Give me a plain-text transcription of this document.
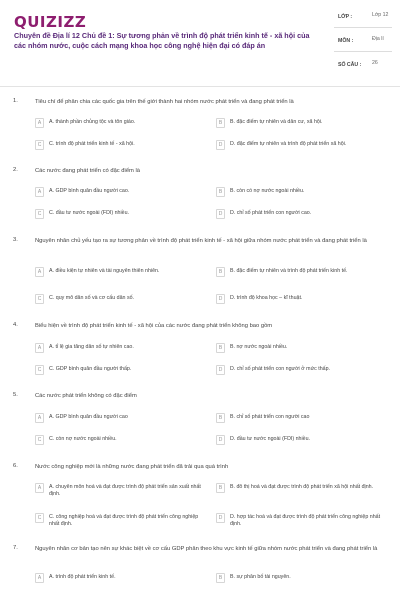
QUIZIZZ
Chuyên đề Địa lí 12 Chủ đề 1: Sự tương phản về trình độ phát triển kinh tế - xã hội của các nhóm nước, cuộc cách mạng khoa học công nghệ hiện đại có đáp án
LỚP :	Lớp 12
MÔN :	Địa lí
SỐ CÂU : 26
1.	Tiêu chí để phân chia các quốc gia trên thế giới thành hai nhóm nước phát triển và đang phát triển là
A	A. thành phần chủng tộc và tôn giáo.	B	B. đặc điểm tự nhiên và dân cư, xã hội.
C	C. trình độ phát triển kinh tế - xã hội.	D	D. đặc điểm tự nhiên và trình độ phát triển xã hội.
2.	Các nước đang phát triển có đặc điểm là
A	A. GDP bình quân đầu người cao.	B	B. còn có nợ nước ngoài nhiều.
C	C. đầu tư nước ngoài (FDI) nhiều.	D	D. chỉ số phát triển con người cao.
3.	Nguyên nhân chủ yếu tạo ra sự tương phản về trình độ phát triển kinh tế - xã hội giữa nhóm nước phát triển và đang phát triển là
A	A. điều kiện tự nhiên và tài nguyên thiên nhiên.	B	B. đặc điểm tự nhiên và trình độ phát triển kinh tế.
C	C. quy mô dân số và cơ cấu dân số.	D	D. trình độ khoa học – kĩ thuật.
4.	Biểu hiện về trình độ phát triển kinh tế - xã hội của các nước đang phát triển không bao gồm
A	A. tỉ lệ gia tăng dân số tự nhiên cao.	B	B. nợ nước ngoài nhiều.
C	C. GDP bình quân đầu người thấp.	D	D. chỉ số phát triển con người ở mức thấp.
5.	Các nước phát triển không có đặc điểm
A	A. GDP bình quân đầu người cao	B	B. chỉ số phát triển con người cao
C	C. còn nợ nước ngoài nhiều.	D	D. đầu tư nước ngoài (FDI) nhiều.
6.	Nước công nghiệp mới là những nước đang phát triển đã trải qua quá trình
A	A. chuyên môn hoá và đạt được trình độ phát triển sản xuất nhất định.
B	B. đô thị hoá và đạt được trình độ phát triển xã hội nhất định.
C	C. công nghiệp hoá và đạt được trình độ phát triển công nghiệp nhất định.
D	D. hợp tác hoá và đạt được trình độ phát triển công nghiệp nhất định.
7.	Nguyên nhân cơ bản tạo nên sự khác biệt về cơ cấu GDP phân theo khu vực kinh tế giữa nhóm nước phát triển và đang phát triển là
A	A. trình độ phát triển kinh tế.	B	B. sự phân bố tài nguyên.
